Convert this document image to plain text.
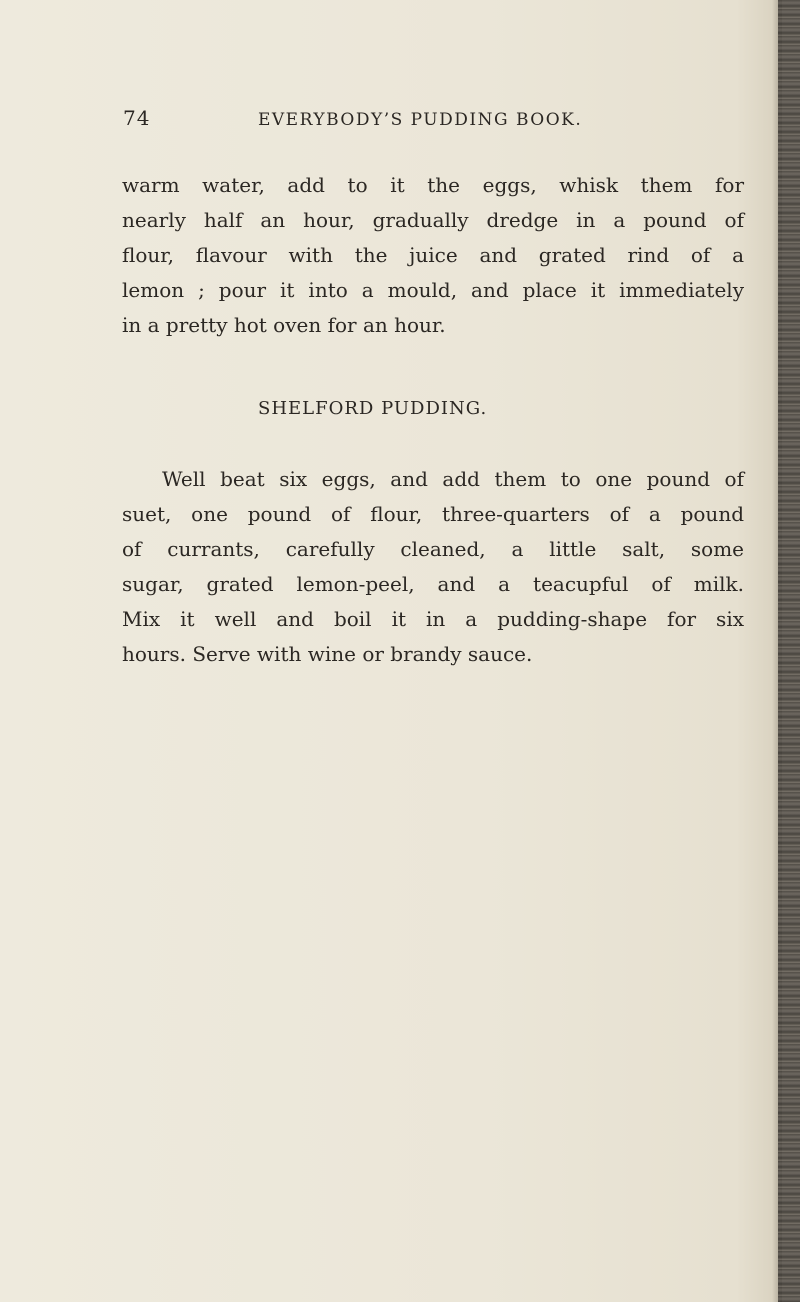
74	EVERYBODY’S PUDDING BOOK.
warm water, add to it the eggs, whisk them for
nearly half an hour, gradually dredge in a pound of
flour, flavour with the juice and grated rind of a
lemon ; pour it into a mould, and place it immediately
in a pretty hot oven for an hour.
SHELFORD PUDDING.
Well beat six eggs, and add them to one pound of
suet, one pound of flour, three-quarters of a pound
of currants, carefully cleaned, a little salt, some
sugar, grated lemon-peel, and a teacupful of milk.
Mix it well and boil it in a pudding-shape for six
hours. Serve with wine or brandy sauce.
